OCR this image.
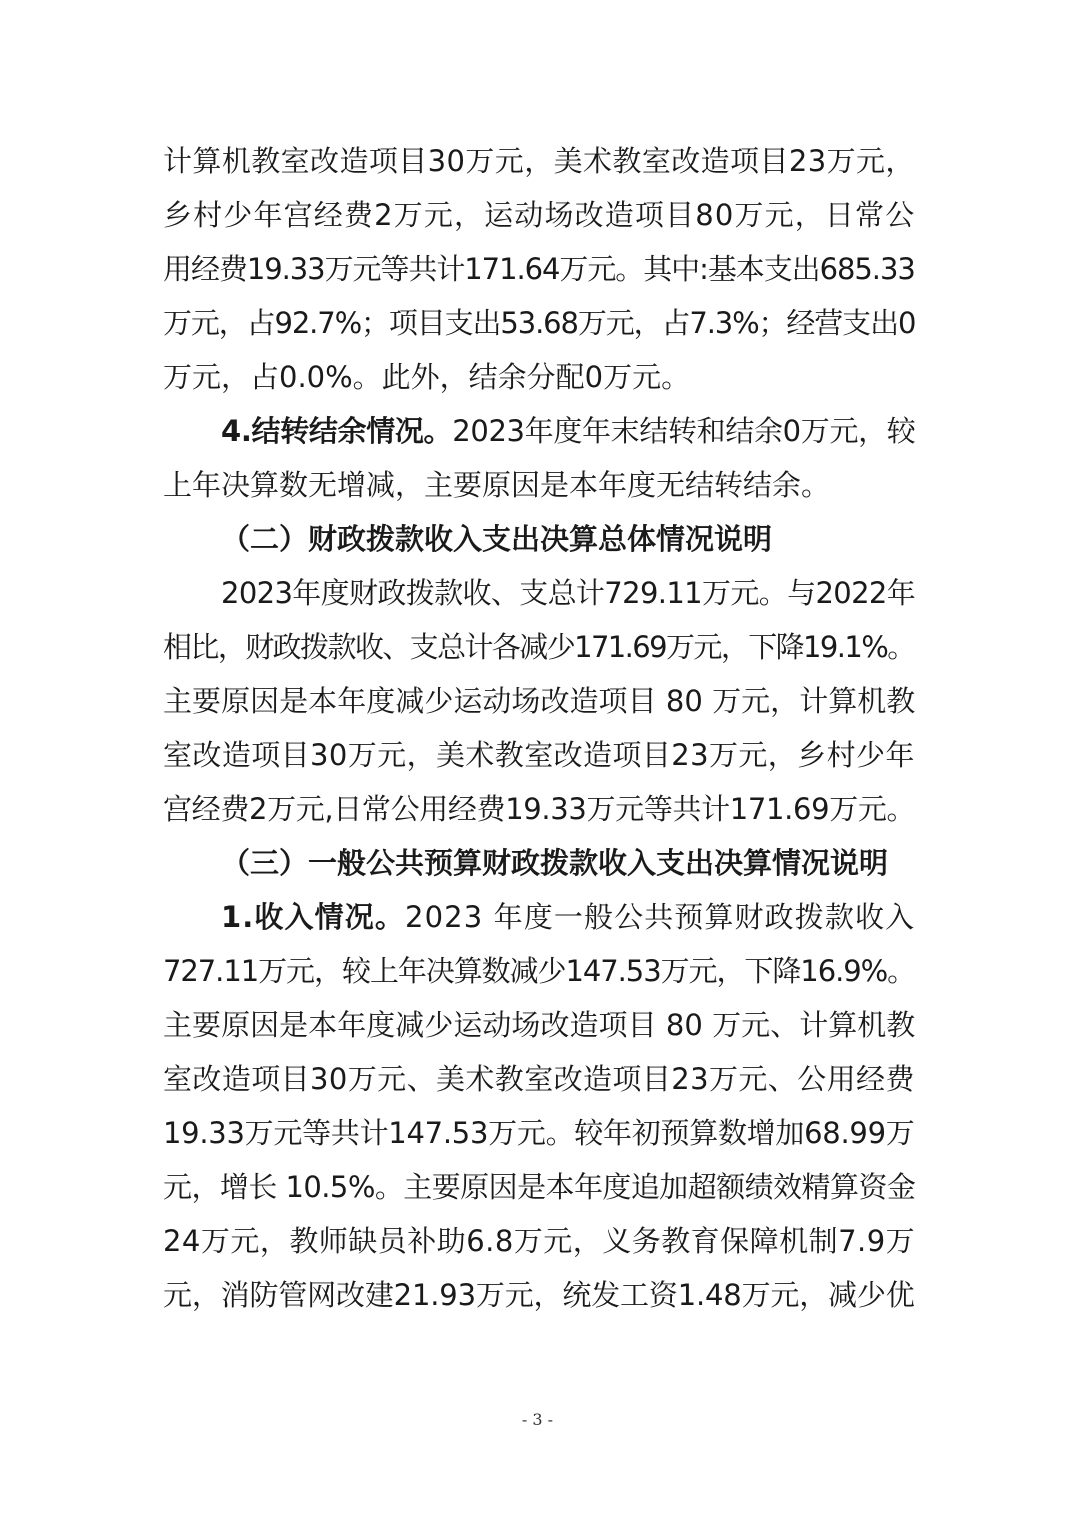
计算机教室改造项目30万元，美术教室改造项目23万元，
乡村少年宫经费2万元，运动场改造项目80万元，日常公
用经费19.33万元等共计171.64万元。其中:基本支出685.33
万元，占92.7%；项目支出53.68万元，占7.3%；经营支出0
万元，占0.0%。此外，结余分配0万元。
4.结转结余情况。 2023年度年末结转和结余0万元，较
上年决算数无增减，主要原因是本年度无结转结余。
（二）财政拨款收入支出决算总体情况说明
2023年度财政拨款收、支总计729.11万元。与2022年
相比，财政拨款收、支总计各减少171.69万元，下降19.1%。
主要原因是本年度减少运动场改造项目 80 万元，计算机教
室改造项目30万元，美术教室改造项目23万元，乡村少年
宫经费2万元,日常公用经费19.33万元等共计171.69万元。
（三）一般公共预算财政拨款收入支出决算情况说明
1.收入情况。 2023 年度一般公共预算财政拨款收入
727.11万元，较上年决算数减少147.53万元，下降16.9%。
主要原因是本年度减少运动场改造项目 80 万元、计算机教
室改造项目30万元、美术教室改造项目23万元、公用经费
19.33万元等共计147.53万元。较年初预算数增加68.99万
元，增长 10.5%。主要原因是本年度追加超额绩效精算资金
24万元，教师缺员补助6.8万元，义务教育保障机制7.9万
元，消防管网改建21.93万元，统发工资1.48万元，减少优
- 3 -
